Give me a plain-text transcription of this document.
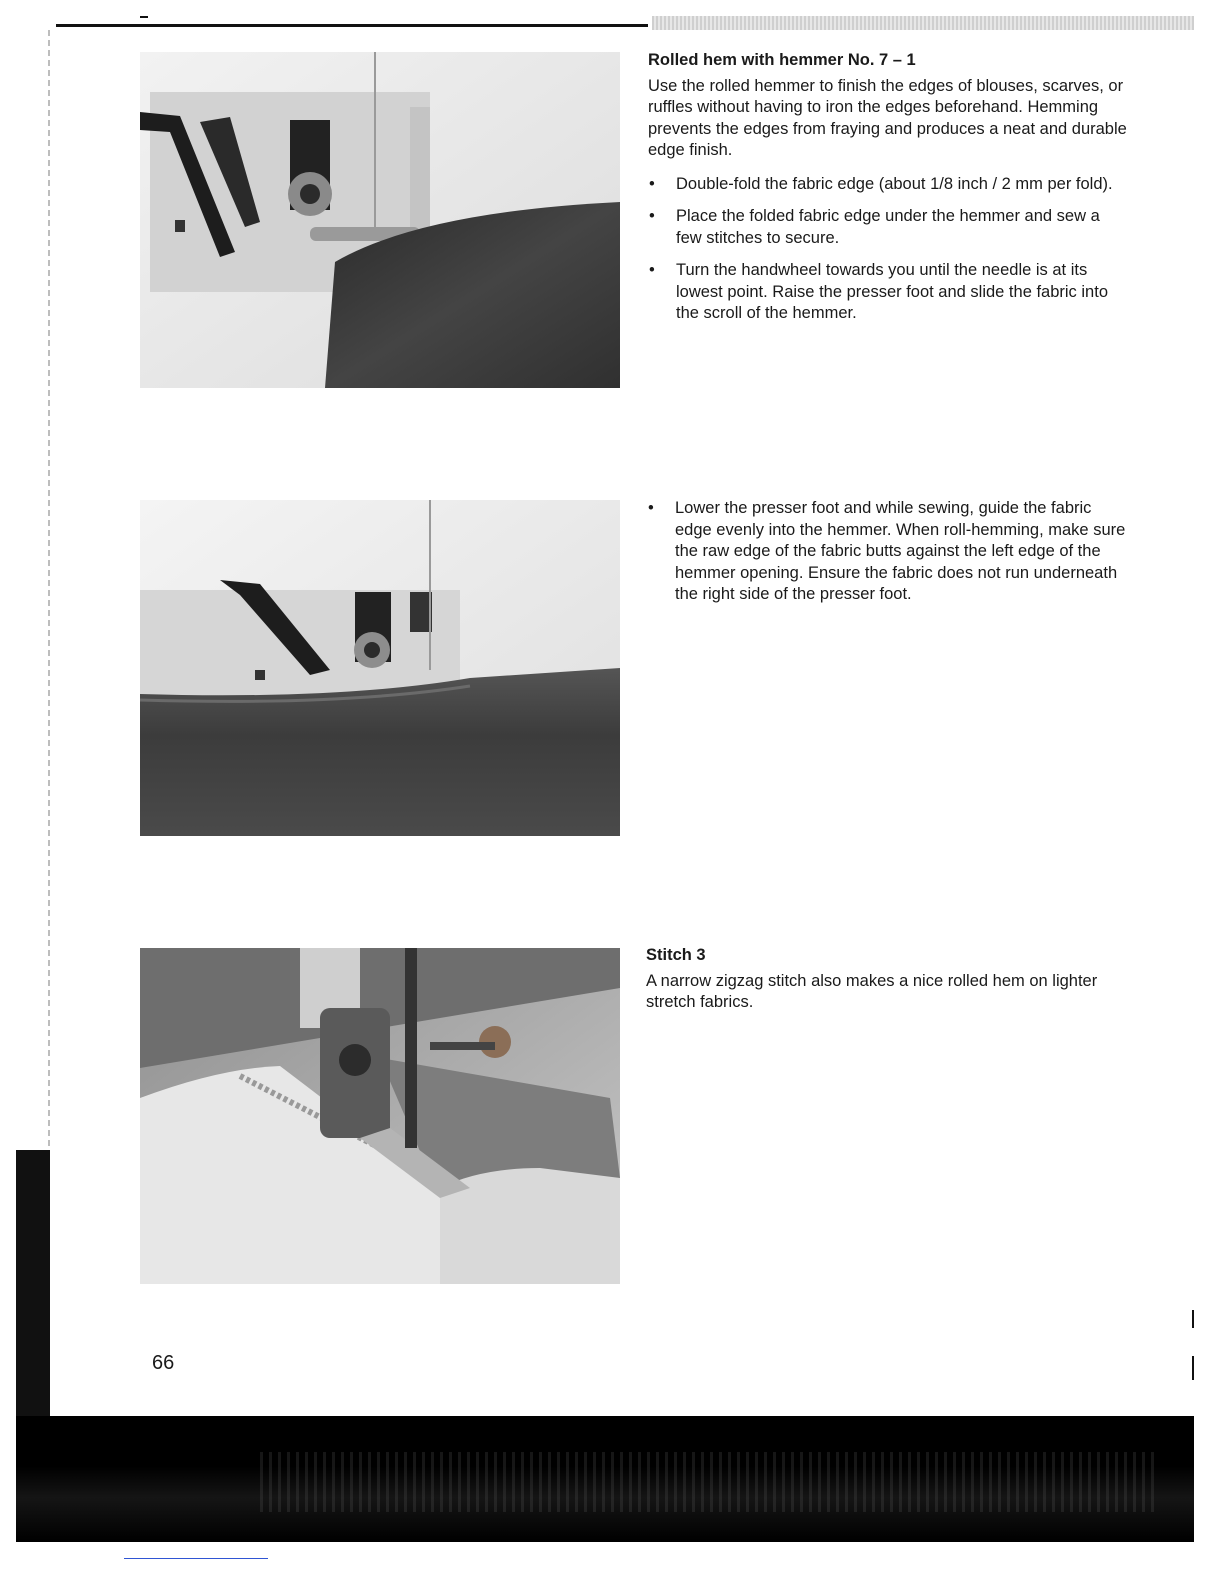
Rolled hem with hemmer No. 7 – 1

Use the rolled hemmer to finish the edges of blouses, scarves, or ruffles without having to iron the edges beforehand. Hemming prevents the edges from fraying and produces a neat and durable edge finish.

• Double-fold the fabric edge (about 1/8 inch / 2 mm per fold).
• Place the folded fabric edge under the hemmer and sew a few stitches to secure.
• Turn the handwheel towards you until the needle is at its lowest point. Raise the presser foot and slide the fabric into the scroll of the hemmer.
• Lower the presser foot and while sewing, guide the fabric edge evenly into the hemmer. When roll-hemming, make sure the raw edge of the fabric butts against the left edge of the hemmer opening. Ensure the fabric does not run underneath the right side of the presser foot.

Stitch 3

A narrow zigzag stitch also makes a nice rolled hem on lighter stretch fabrics.

66
